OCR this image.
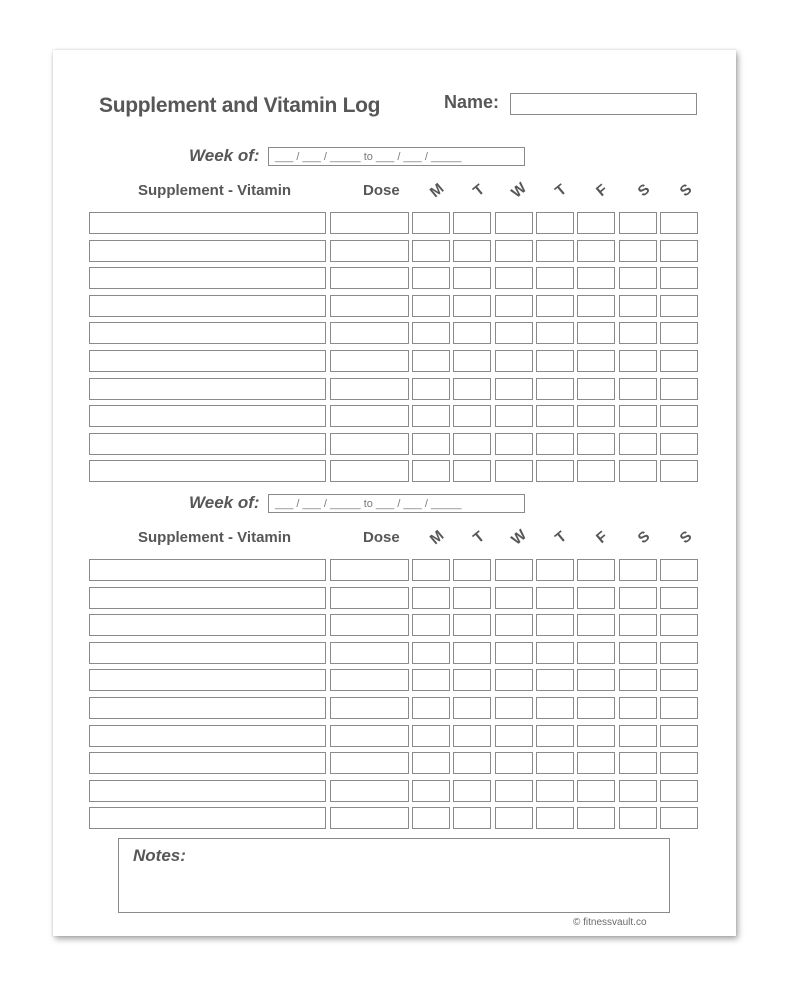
Supplement and Vitamin Log	Name:
Week of:	___ / ___ / _____ to ___ / ___ / _____
Supplement - Vitamin	Dose M T W T F S S
Week of:	___ / ___ / _____ to ___ / ___ / _____
Supplement - Vitamin	Dose M T W T F S S
Notes:
© fitnessvault.co
